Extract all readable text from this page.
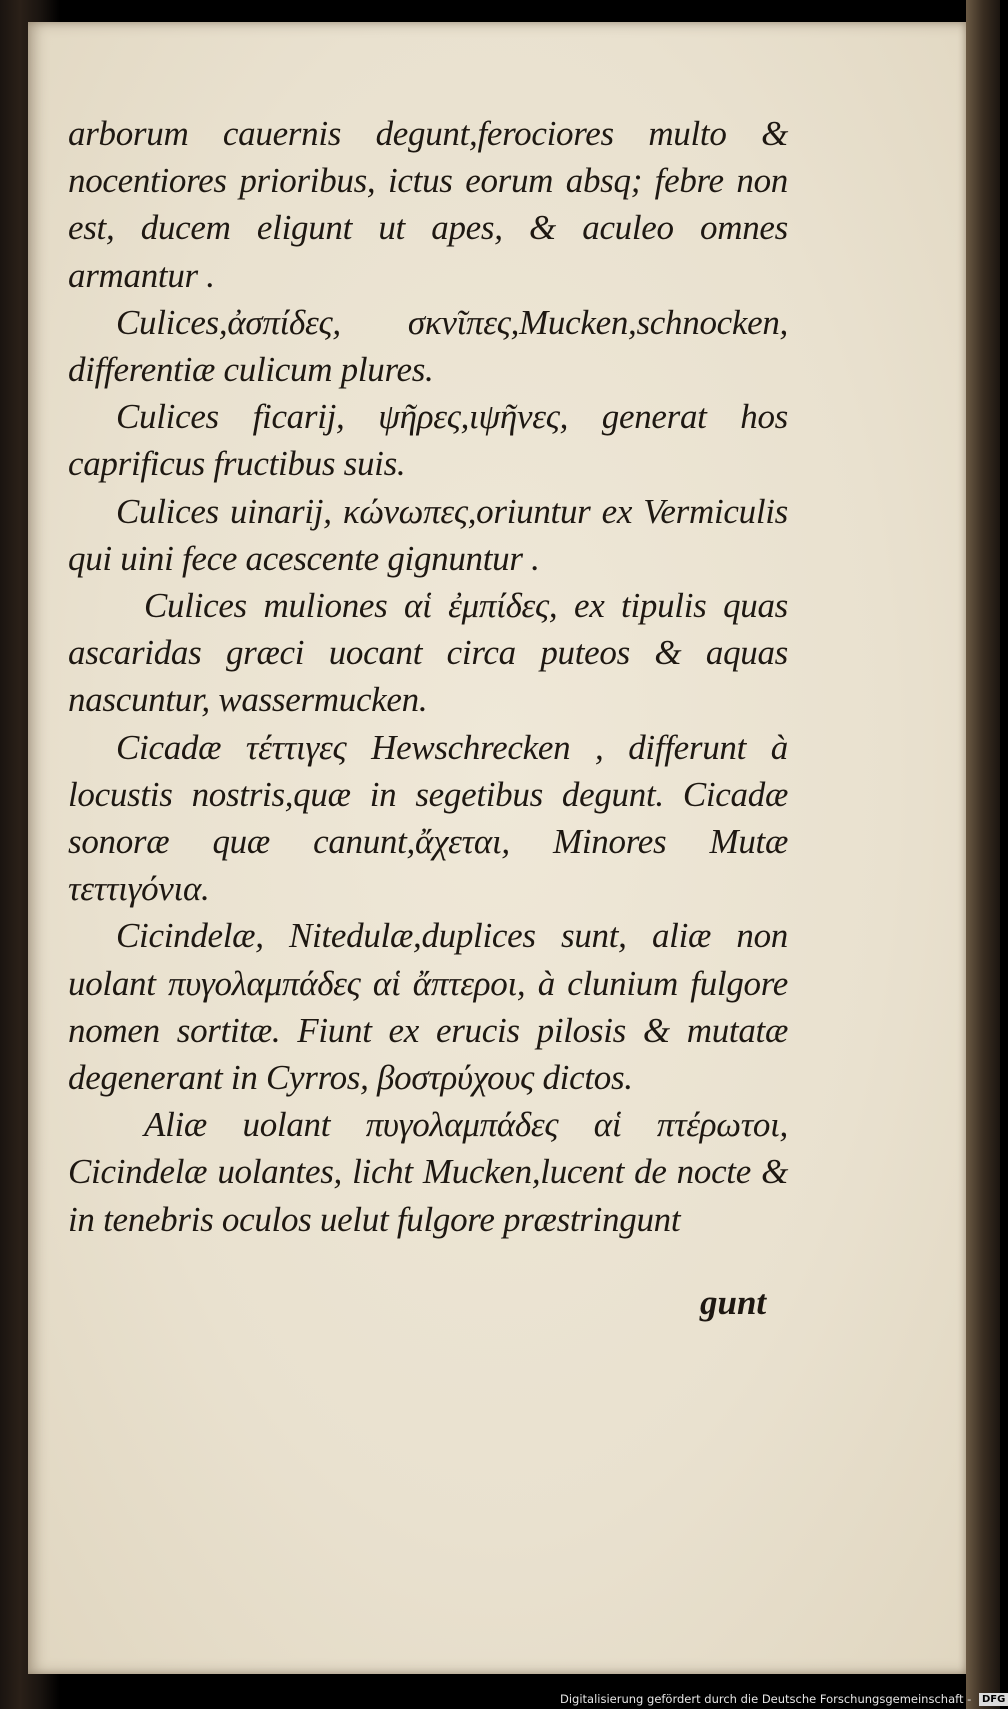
arborum cauernis degunt,ferociores multo & nocentiores prioribus, ictus eorum absq; febre non est, ducem eligunt ut apes, & aculeo omnes armantur .

Culices,ἀσπίδες, σκνῖπες,Mucken,schnocken, differentiæ culicum plures.

Culices ficarij, ψῆρες,ιψῆνες, generat hos caprificus fructibus suis.

Culices uinarij, κώνωπες,oriuntur ex Vermiculis qui uini fece acescente gignuntur .

Culices muliones αἱ ἐμπίδες, ex tipulis quas ascaridas græci uocant circa puteos & aquas nascuntur, wassermucken.

Cicadæ τέττιγες Hewschrecken , differunt à locustis nostris,quæ in segetibus degunt. Cicadæ sonoræ quæ canunt,ἄχεται, Minores Mutæ τεττιγόνια.

Cicindelæ, Nitedulæ,duplices sunt, aliæ non uolant πυγολαμπάδες αἱ ἄπτεροι, à clunium fulgore nomen sortitæ. Fiunt ex erucis pilosis & mutatæ degenerant in Cyrros, βοστρύχους dictos.

Aliæ uolant πυγολαμπάδες αἱ πτέρωτοι, Cicindelæ uolantes, licht Mucken,lucent de nocte & in tenebris oculos uelut fulgore præstringunt

gunt
Digitalisierung gefördert durch die Deutsche Forschungsgemeinschaft - DFG
